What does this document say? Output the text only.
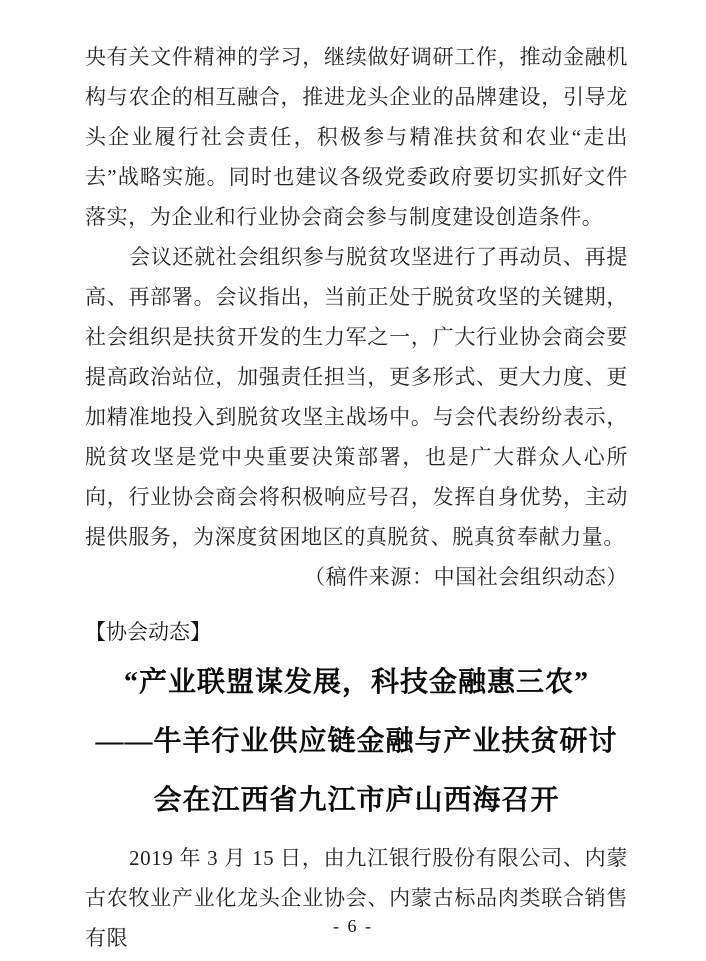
央有关文件精神的学习，继续做好调研工作，推动金融机构与农企的相互融合，推进龙头企业的品牌建设，引导龙头企业履行社会责任，积极参与精准扶贫和农业“走出去”战略实施。同时也建议各级党委政府要切实抓好文件落实，为企业和行业协会商会参与制度建设创造条件。

会议还就社会组织参与脱贫攻坚进行了再动员、再提高、再部署。会议指出，当前正处于脱贫攻坚的关键期，社会组织是扶贫开发的生力军之一，广大行业协会商会要提高政治站位，加强责任担当，更多形式、更大力度、更加精准地投入到脱贫攻坚主战场中。与会代表纷纷表示，脱贫攻坚是党中央重要决策部署，也是广大群众人心所向，行业协会商会将积极响应号召，发挥自身优势，主动提供服务，为深度贫困地区的真脱贫、脱真贫奉献力量。

（稿件来源：中国社会组织动态）

【协会动态】
“产业联盟谋发展，科技金融惠三农”
——牛羊行业供应链金融与产业扶贫研讨
会在江西省九江市庐山西海召开

2019 年 3 月 15 日，由九江银行股份有限公司、内蒙古农牧业产业化龙头企业协会、内蒙古标品肉类联合销售有限	- 6 -
